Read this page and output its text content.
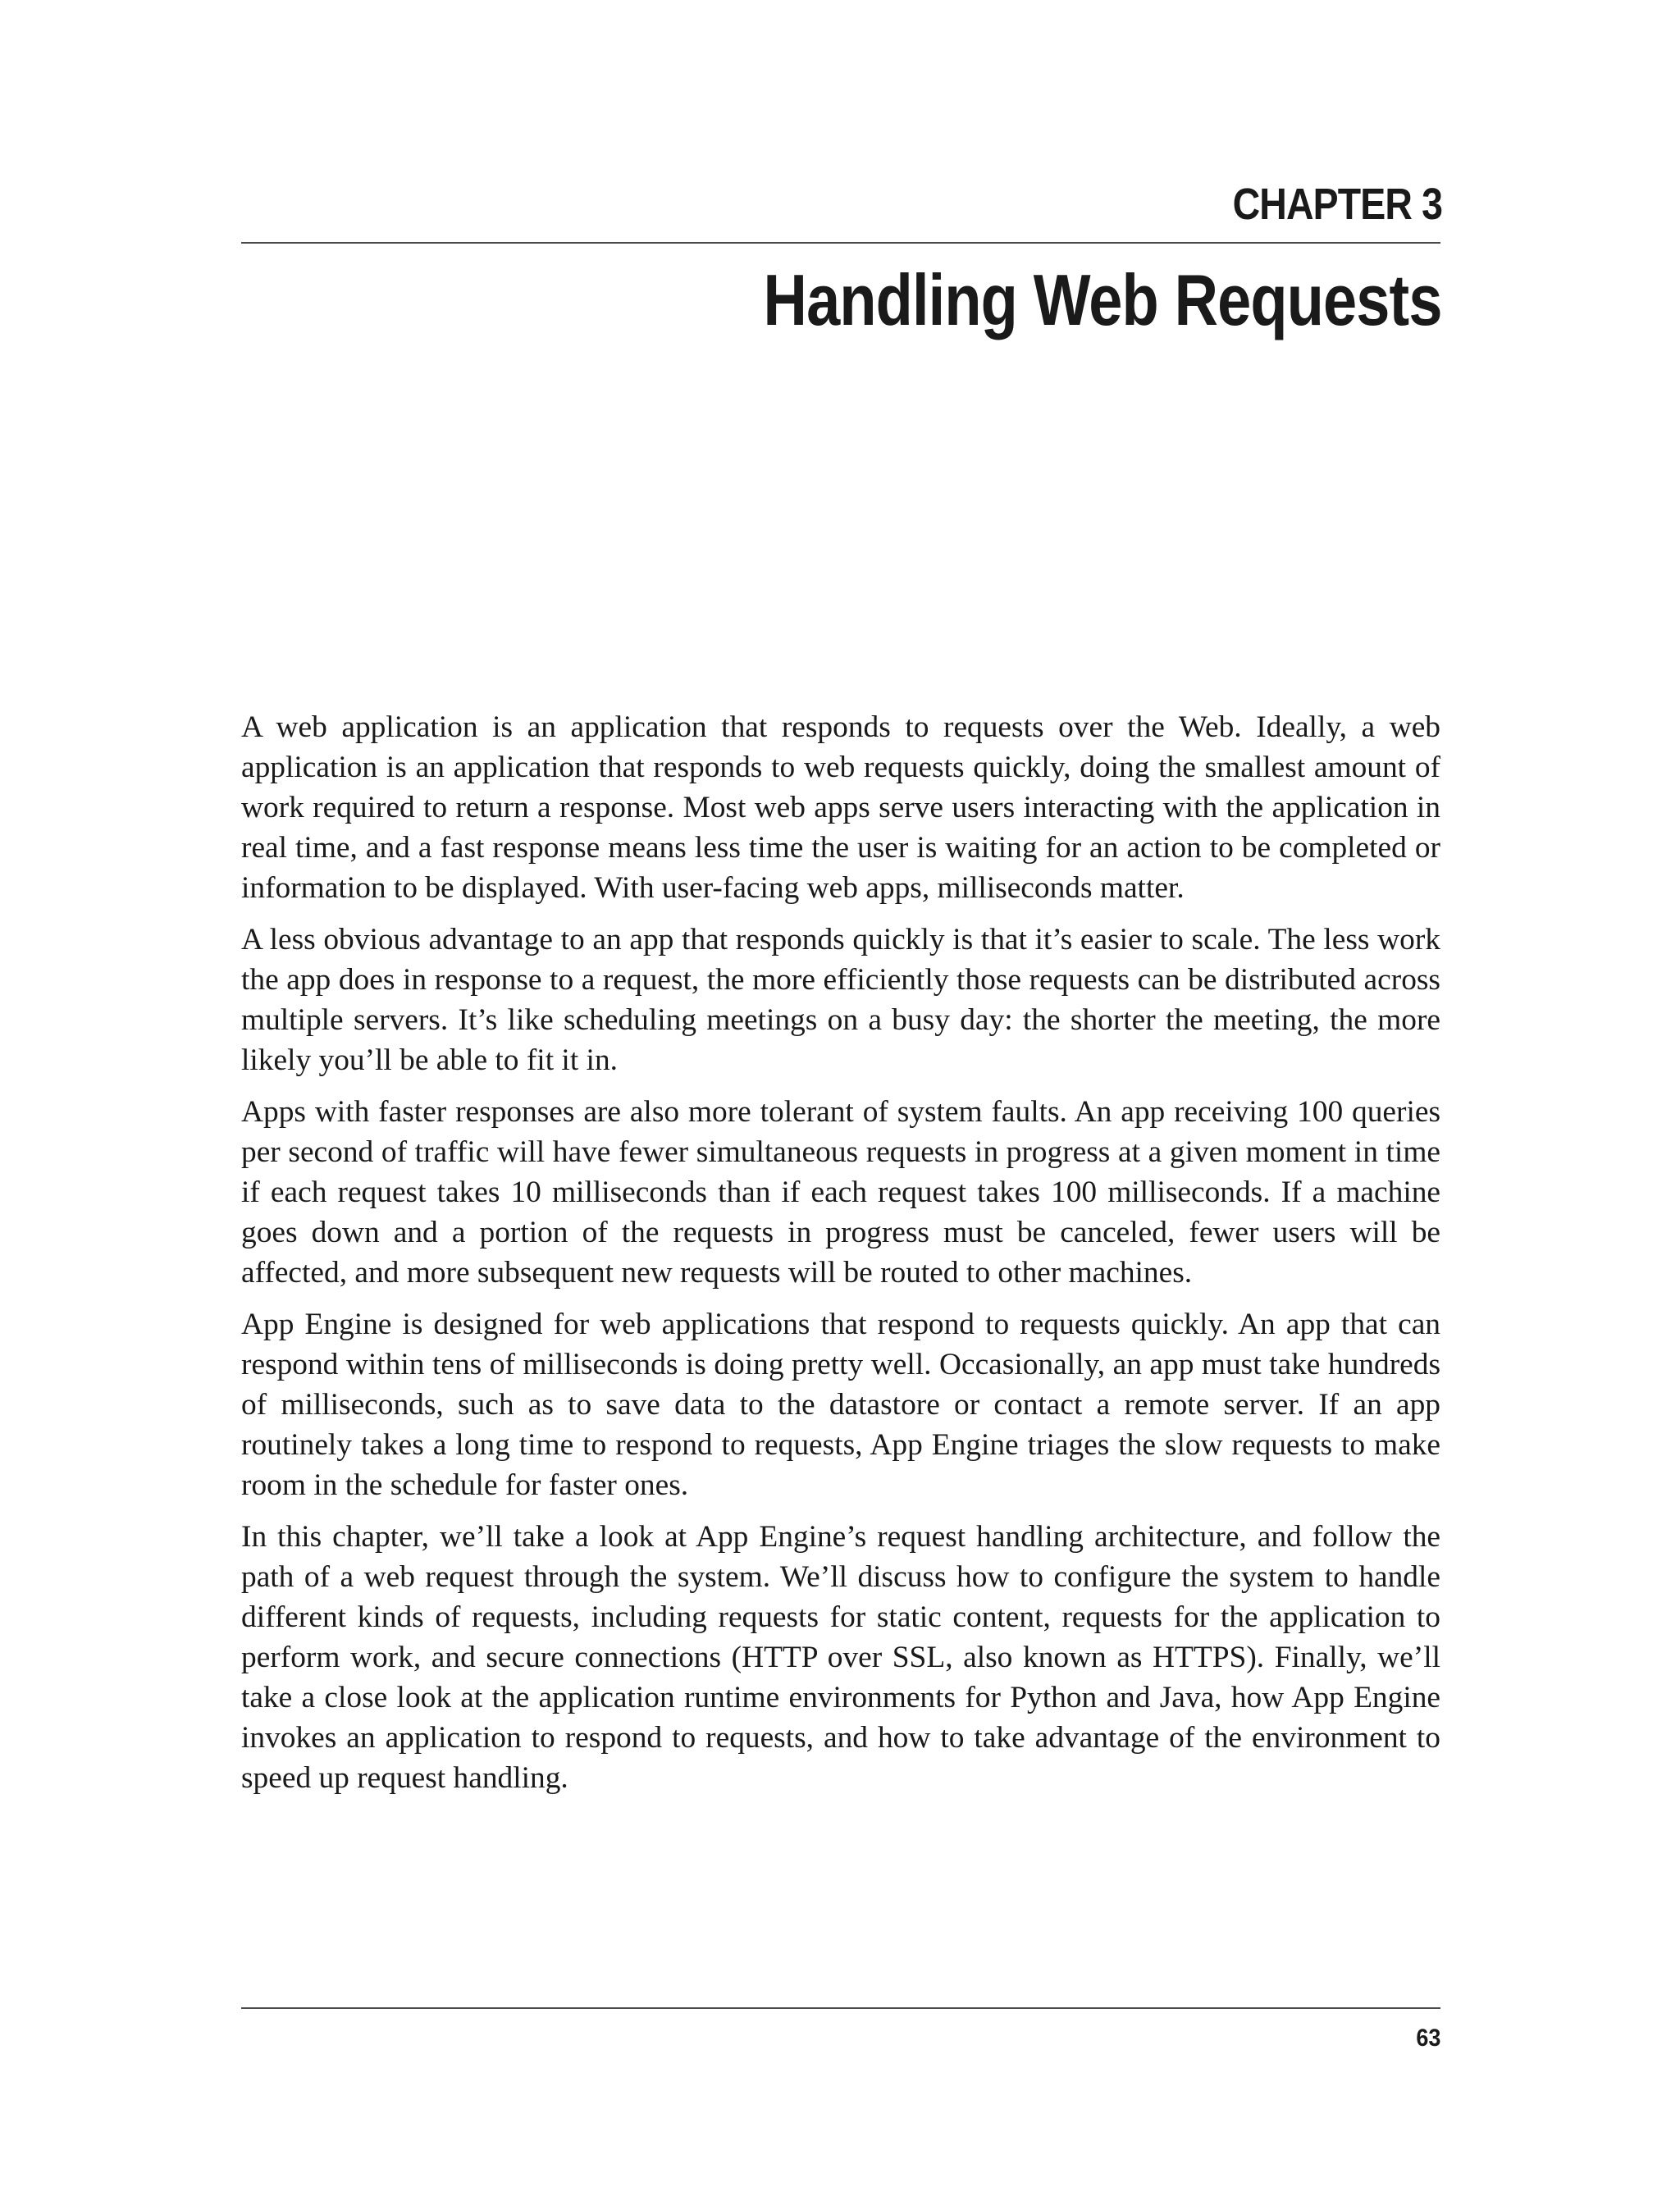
CHAPTER 3
Handling Web Requests

A web application is an application that responds to requests over the Web. Ideally, a web application is an application that responds to web requests quickly, doing the smallest amount of work required to return a response. Most web apps serve users interacting with the application in real time, and a fast response means less time the user is waiting for an action to be completed or information to be displayed. With user-facing web apps, milliseconds matter.

A less obvious advantage to an app that responds quickly is that it’s easier to scale. The less work the app does in response to a request, the more efficiently those requests can be distributed across multiple servers. It’s like scheduling meetings on a busy day: the shorter the meeting, the more likely you’ll be able to fit it in.

Apps with faster responses are also more tolerant of system faults. An app receiving 100 queries per second of traffic will have fewer simultaneous requests in progress at a given moment in time if each request takes 10 milliseconds than if each request takes 100 milliseconds. If a machine goes down and a portion of the requests in progress must be canceled, fewer users will be affected, and more subsequent new requests will be routed to other machines.

App Engine is designed for web applications that respond to requests quickly. An app that can respond within tens of milliseconds is doing pretty well. Occasionally, an app must take hundreds of milliseconds, such as to save data to the datastore or contact a remote server. If an app routinely takes a long time to respond to requests, App Engine triages the slow requests to make room in the schedule for faster ones.

In this chapter, we’ll take a look at App Engine’s request handling architecture, and follow the path of a web request through the system. We’ll discuss how to configure the system to handle different kinds of requests, including requests for static content, requests for the application to perform work, and secure connections (HTTP over SSL, also known as HTTPS). Finally, we’ll take a close look at the application runtime environments for Python and Java, how App Engine invokes an application to respond to requests, and how to take advantage of the environment to speed up request handling.

63
